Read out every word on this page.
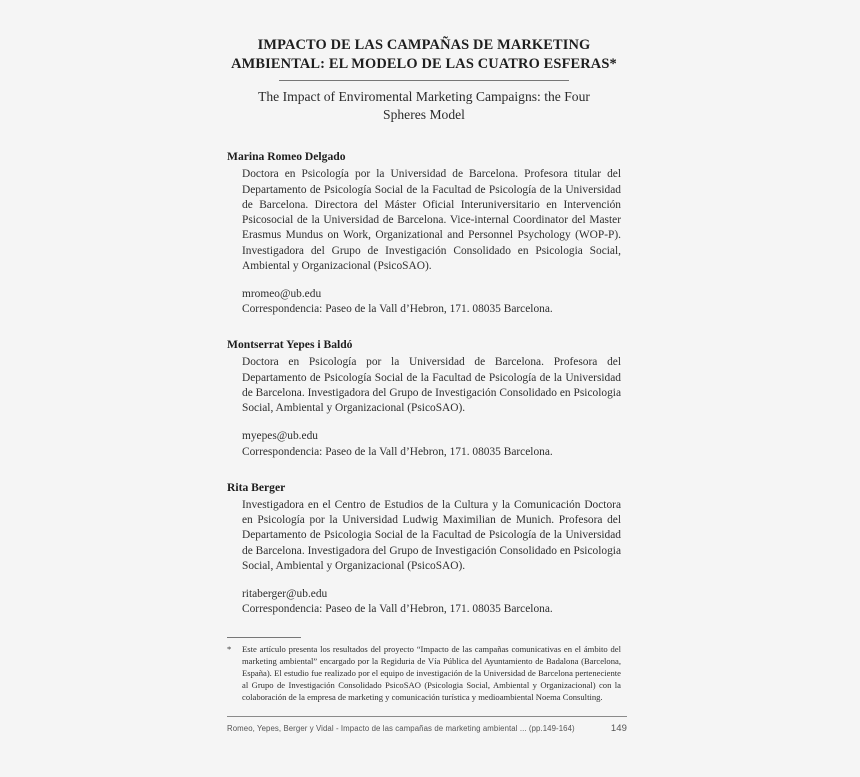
IMPACTO DE LAS CAMPAÑAS DE MARKETING
AMBIENTAL: EL MODELO DE LAS CUATRO ESFERAS*
The Impact of Enviromental Marketing Campaigns: the Four
Spheres Model
Marina Romeo Delgado

Doctora en Psicología por la Universidad de Barcelona. Profesora titular del Departamento de Psicología Social de la Facultad de Psicología de la Universidad de Barcelona. Directora del Máster Oficial Interuniversitario en Intervención Psicosocial de la Universidad de Barcelona. Vice-internal Coordinator del Master Erasmus Mundus on Work, Organizational and Personnel Psychology (WOP-P). Investigadora del Grupo de Investigación Consolidado en Psicologia Social, Ambiental y Organizacional (PsicoSAO).

mromeo@ub.edu
Correspondencia: Paseo de la Vall d’Hebron, 171. 08035 Barcelona.
Montserrat Yepes i Baldó

Doctora en Psicología por la Universidad de Barcelona. Profesora del Departamento de Psicología Social de la Facultad de Psicología de la Universidad de Barcelona. Investigadora del Grupo de Investigación Consolidado en Psicologia Social, Ambiental y Organizacional (PsicoSAO).

myepes@ub.edu
Correspondencia: Paseo de la Vall d’Hebron, 171. 08035 Barcelona.
Rita Berger

Investigadora en el Centro de Estudios de la Cultura y la Comunicación Doctora en Psicología por la Universidad Ludwig Maximilian de Munich. Profesora del Departamento de Psicologia Social de la Facultad de Psicología de la Universidad de Barcelona. Investigadora del Grupo de Investigación Consolidado en Psicologia Social, Ambiental y Organizacional (PsicoSAO).

ritaberger@ub.edu
Correspondencia: Paseo de la Vall d’Hebron, 171. 08035 Barcelona.
*	Este artículo presenta los resultados del proyecto “Impacto de las campañas comunicativas en el ámbito del marketing ambiental” encargado por la Regiduria de Vía Pública del Ayuntamiento de Badalona (Barcelona, España). El estudio fue realizado por el equipo de investigación de la Universidad de Barcelona perteneciente al Grupo de Investigación Consolidado PsicoSAO (Psicologia Social, Ambiental y Organizacional) con la colaboración de la empresa de marketing y comunicación turística y medioambiental Noema Consulting.
Romeo, Yepes, Berger y Vidal - Impacto de las campañas de marketing ambiental ... (pp.149-164)	149
